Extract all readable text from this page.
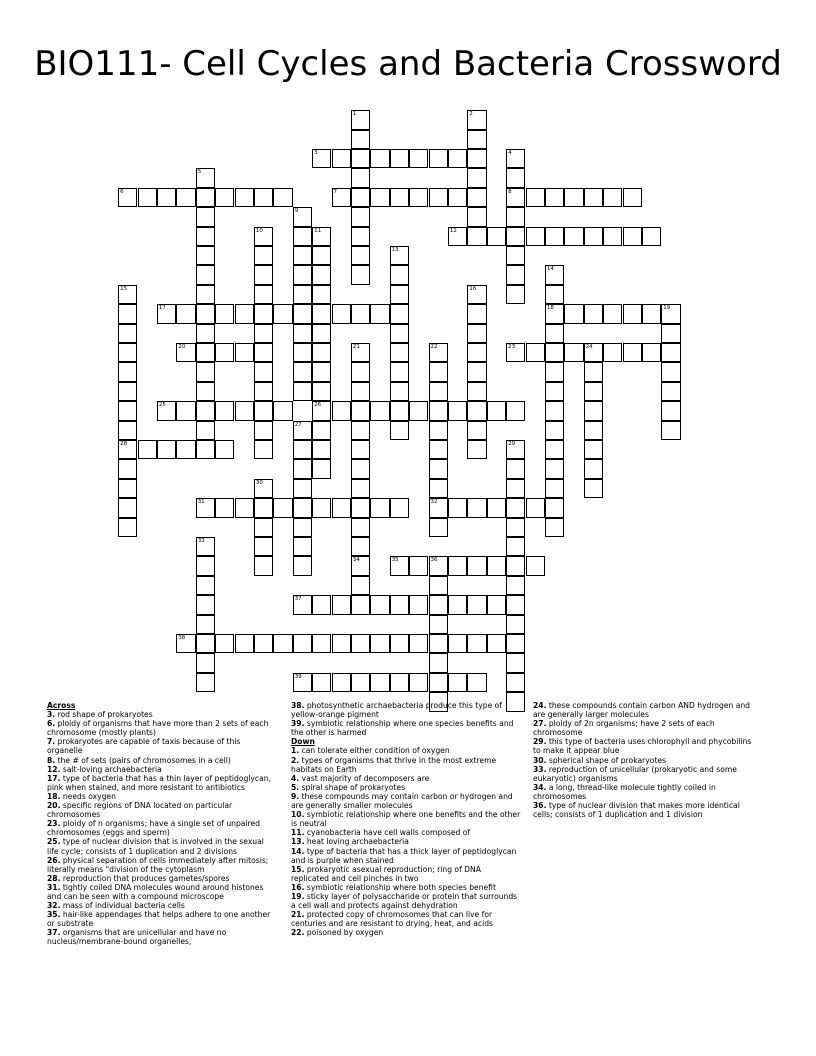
BIO111- Cell Cycles and Bacteria Crossword
1	2
3	4
8
5
6	7
9
10	11
26
12
13
14
18
15
28
16
17	19
20	21	22
32
23	24
25
27
29
30
31
33
34	35	36
37
38
39
Across
3. rod shape of prokaryotes
6. ploidy of organisms that have more than 2 sets of each chromosome (mostly plants)
7. prokaryotes are capable of taxis because of this organelle
8. the # of sets (pairs of chromosomes in a cell)
12. salt-loving archaebacteria
17. type of bacteria that has a thin layer of peptidoglycan, pink when stained, and more resistant to antibiotics
18. needs oxygen
20. specific regions of DNA located on particular chromosomes
23. ploidy of n organisms; have a single set of unpaired chromosomes (eggs and sperm)
25. type of nuclear division that is involved in the sexual life cycle; consists of 1 duplication and 2 divisions
26. physical separation of cells immediately after mitosis; literally means "division of the cytoplasm
28. reproduction that produces gametes/spores
31. tightly coiled DNA molecules wound around histones and can be seen with a compound microscope
32. mass of individual bacteria cells
35. hair-like appendages that helps adhere to one another or substrate
37. organisms that are unicellular and have no nucleus/membrane-bound organelles,
38. photosynthetic archaebacteria produce this type of yellow-orange pigment
39. symbiotic relationship where one species benefits and the other is harmed
Down
1. can tolerate either condition of oxygen
2. types of organisms that thrive in the most extreme habitats on Earth
4. vast majority of decomposers are
5. spiral shape of prokaryotes
9. these compounds may contain carbon or hydrogen and are generally smaller molecules
10. symbiotic relationship where one benefits and the other is neutral
11. cyanobacteria have cell walls composed of
13. heat loving archaebacteria
14. type of bacteria that has a thick layer of peptidoglycan and is purple when stained
15. prokaryotic asexual reproduction; ring of DNA replicated and cell pinches in two
16. symbiotic relationship where both species benefit
19. sticky layer of polysaccharide or protein that surrounds a cell wall and protects against dehydration
21. protected copy of chromosomes that can live for centuries and are resistant to drying, heat, and acids
22. poisoned by oxygen
24. these compounds contain carbon AND hydrogen and are generally larger molecules
27. ploidy of 2n organisms; have 2 sets of each chromosome
29. this type of bacteria uses chlorophyll and phycobilins to make it appear blue
30. spherical shape of prokaryotes
33. reproduction of unicellular (prokaryotic and some eukaryotic) organisms
34. a long, thread-like molecule tightly coiled in chromosomes
36. type of nuclear division that makes more identical cells; consists of 1 duplication and 1 division
